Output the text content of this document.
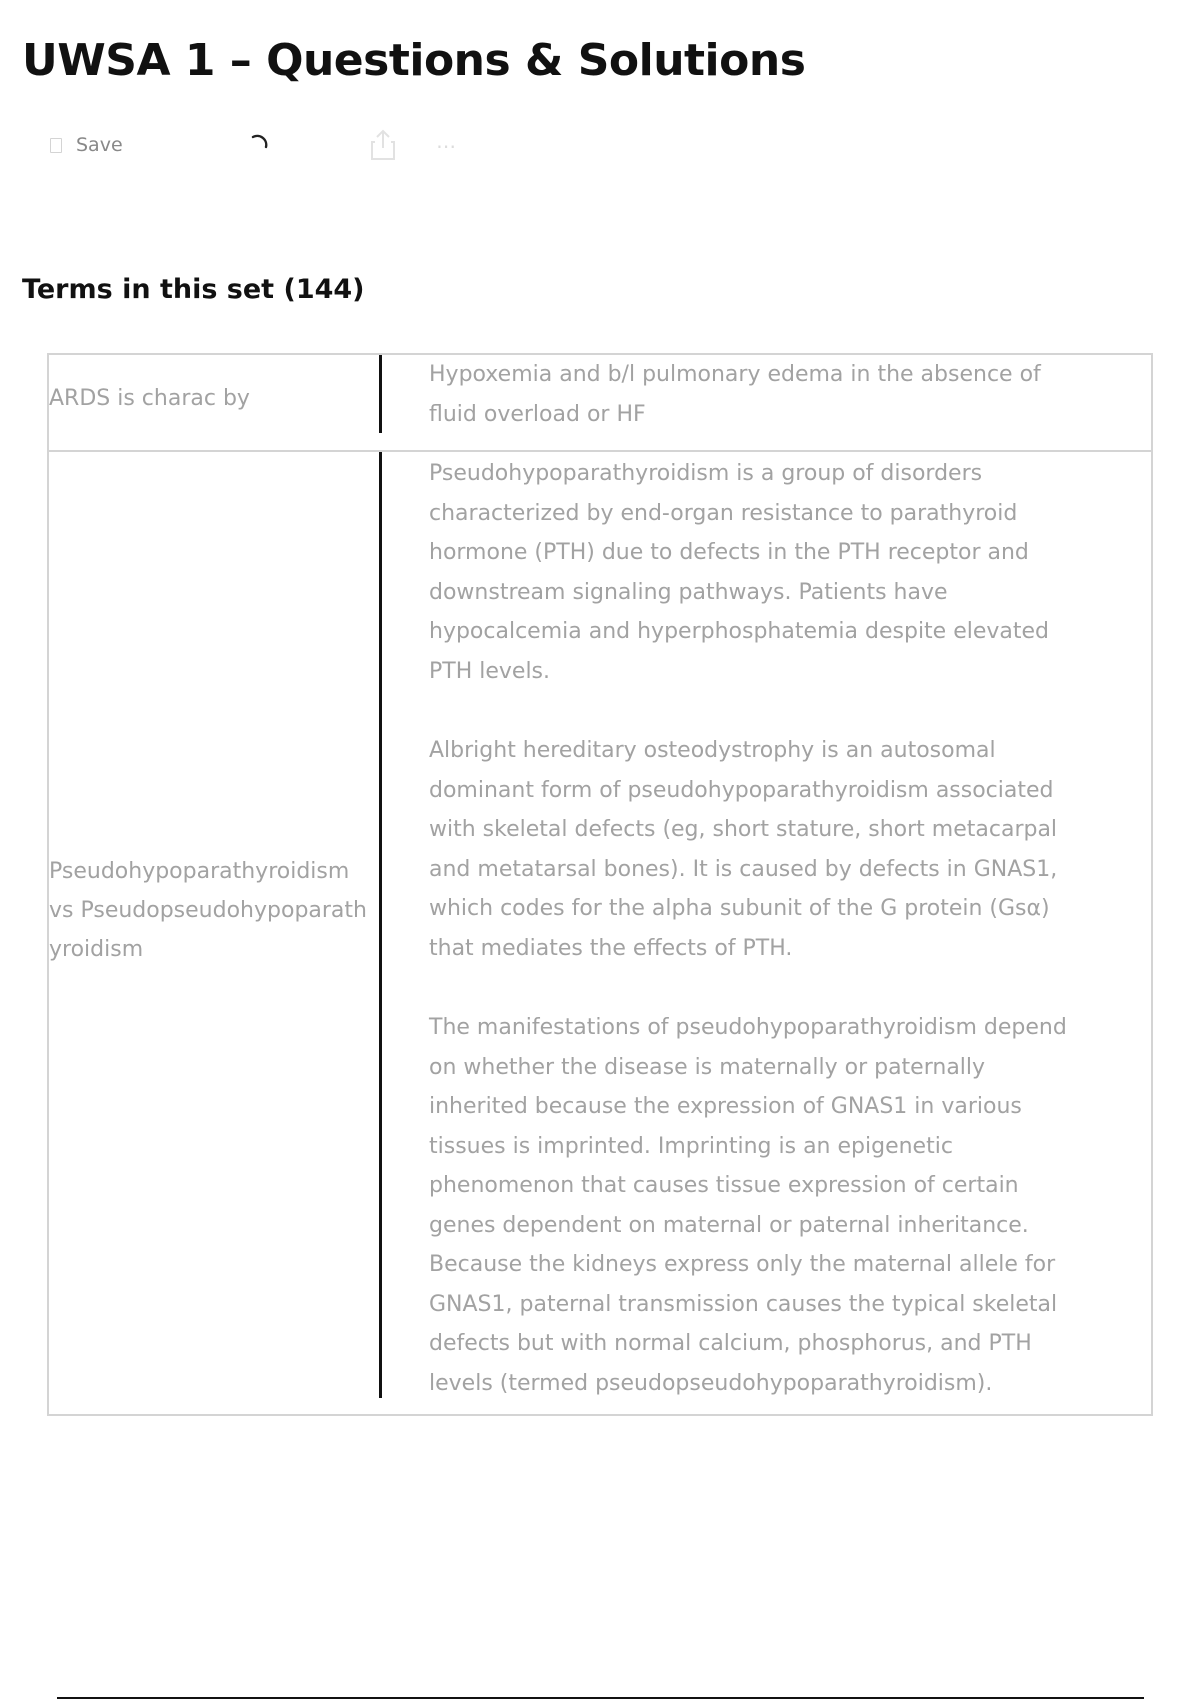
UWSA 1 – Questions & Solutions
Save	⋯
Terms in this set (144)
ARDS is charac by

Hypoxemia and b/l pulmonary edema in the absence of fluid overload or HF

Pseudohypoparathyroidism vs Pseudopseudohypoparathyroidism

Pseudohypoparathyroidism is a group of disorders characterized by end-organ resistance to parathyroid hormone (PTH) due to defects in the PTH receptor and downstream signaling pathways. Patients have hypocalcemia and hyperphosphatemia despite elevated PTH levels.

Albright hereditary osteodystrophy is an autosomal dominant form of pseudohypoparathyroidism associated with skeletal defects (eg, short stature, short metacarpal and metatarsal bones). It is caused by defects in GNAS1, which codes for the alpha subunit of the G protein (Gsα) that mediates the effects of PTH.

The manifestations of pseudohypoparathyroidism depend on whether the disease is maternally or paternally inherited because the expression of GNAS1 in various tissues is imprinted. Imprinting is an epigenetic phenomenon that causes tissue expression of certain genes dependent on maternal or paternal inheritance. Because the kidneys express only the maternal allele for GNAS1, paternal transmission causes the typical skeletal defects but with normal calcium, phosphorus, and PTH levels (termed pseudopseudohypoparathyroidism).
